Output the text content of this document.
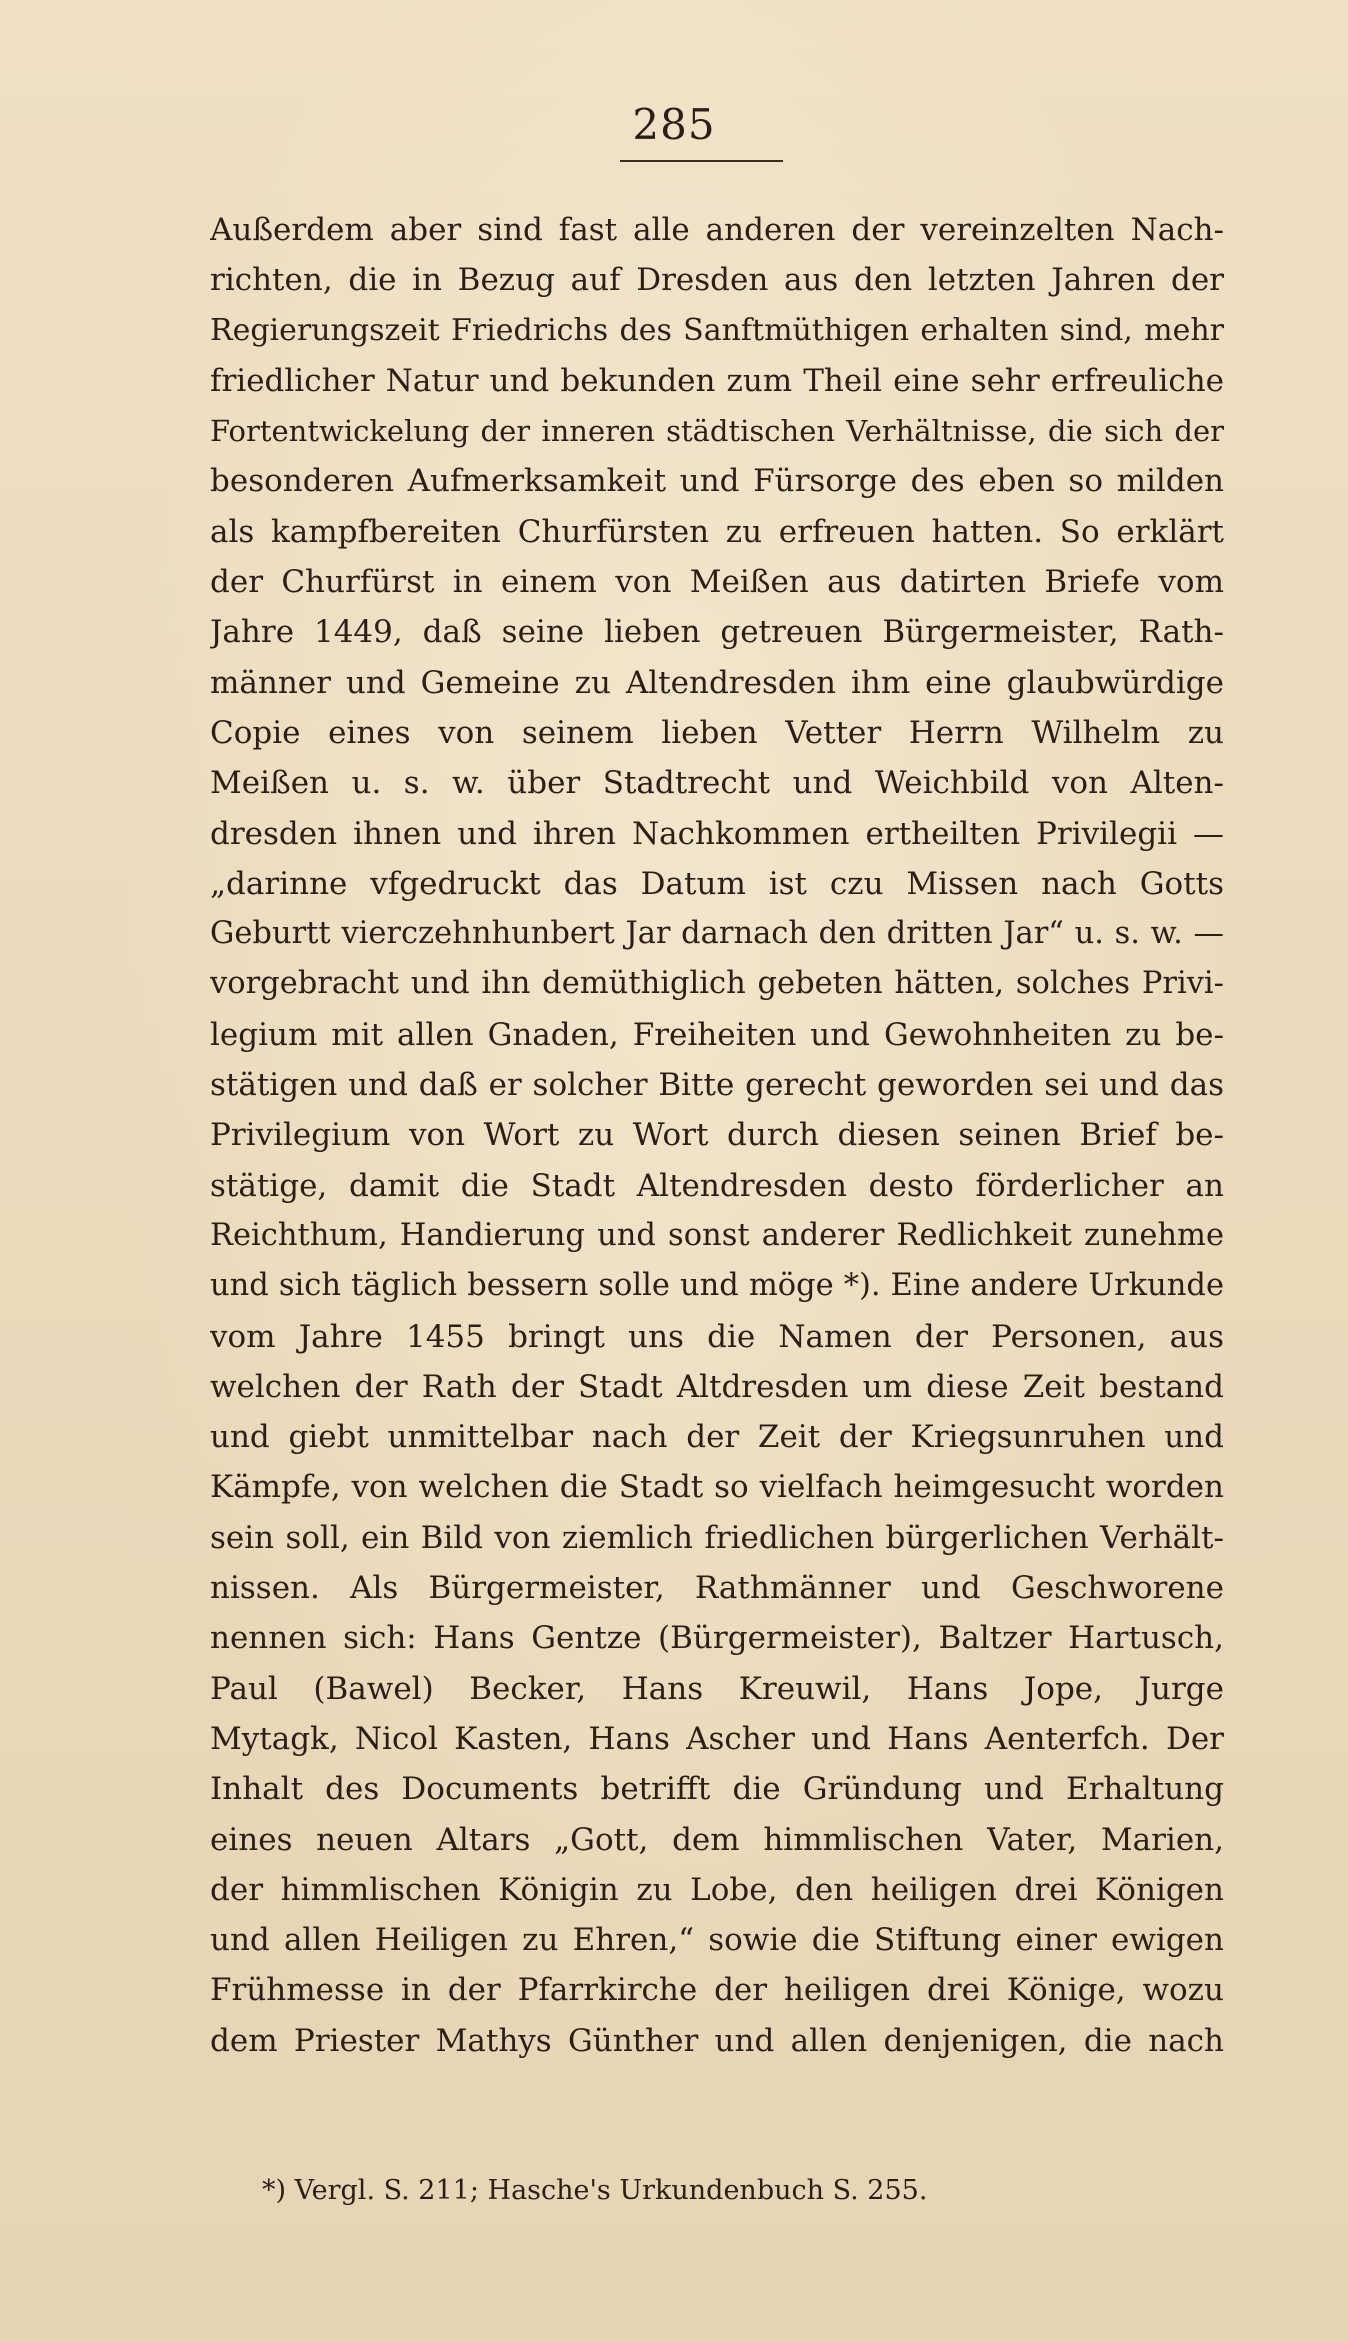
285
Außerdem aber sind fast alle anderen der vereinzelten Nach-
richten, die in Bezug auf Dresden aus den letzten Jahren der
Regierungszeit Friedrichs des Sanftmüthigen erhalten sind, mehr
friedlicher Natur und bekunden zum Theil eine sehr erfreuliche
Fortentwickelung der inneren städtischen Verhältnisse, die sich der
besonderen Aufmerksamkeit und Fürsorge des eben so milden
als kampfbereiten Churfürsten zu erfreuen hatten. So erklärt
der Churfürst in einem von Meißen aus datirten Briefe vom
Jahre 1449, daß seine lieben getreuen Bürgermeister, Rath-
männer und Gemeine zu Altendresden ihm eine glaubwürdige
Copie eines von seinem lieben Vetter Herrn Wilhelm zu
Meißen u. s. w. über Stadtrecht und Weichbild von Alten-
dresden ihnen und ihren Nachkommen ertheilten Privilegii —
„darinne vfgedruckt das Datum ist czu Missen nach Gotts
Geburtt vierczehnhunbert Jar darnach den dritten Jar“ u. s. w. —
vorgebracht und ihn demüthiglich gebeten hätten, solches Privi-
legium mit allen Gnaden, Freiheiten und Gewohnheiten zu be-
stätigen und daß er solcher Bitte gerecht geworden sei und das
Privilegium von Wort zu Wort durch diesen seinen Brief be-
stätige, damit die Stadt Altendresden desto förderlicher an
Reichthum, Handierung und sonst anderer Redlichkeit zunehme
und sich täglich bessern solle und möge *). Eine andere Urkunde
vom Jahre 1455 bringt uns die Namen der Personen, aus
welchen der Rath der Stadt Altdresden um diese Zeit bestand
und giebt unmittelbar nach der Zeit der Kriegsunruhen und
Kämpfe, von welchen die Stadt so vielfach heimgesucht worden
sein soll, ein Bild von ziemlich friedlichen bürgerlichen Verhält-
nissen. Als Bürgermeister, Rathmänner und Geschworene
nennen sich: Hans Gentze (Bürgermeister), Baltzer Hartusch,
Paul (Bawel) Becker, Hans Kreuwil, Hans Jope, Jurge
Mytagk, Nicol Kasten, Hans Ascher und Hans Aenterfch. Der
Inhalt des Documents betrifft die Gründung und Erhaltung
eines neuen Altars „Gott, dem himmlischen Vater, Marien,
der himmlischen Königin zu Lobe, den heiligen drei Königen
und allen Heiligen zu Ehren,“ sowie die Stiftung einer ewigen
Frühmesse in der Pfarrkirche der heiligen drei Könige, wozu
dem Priester Mathys Günther und allen denjenigen, die nach
*) Vergl. S. 211; Hasche's Urkundenbuch S. 255.
